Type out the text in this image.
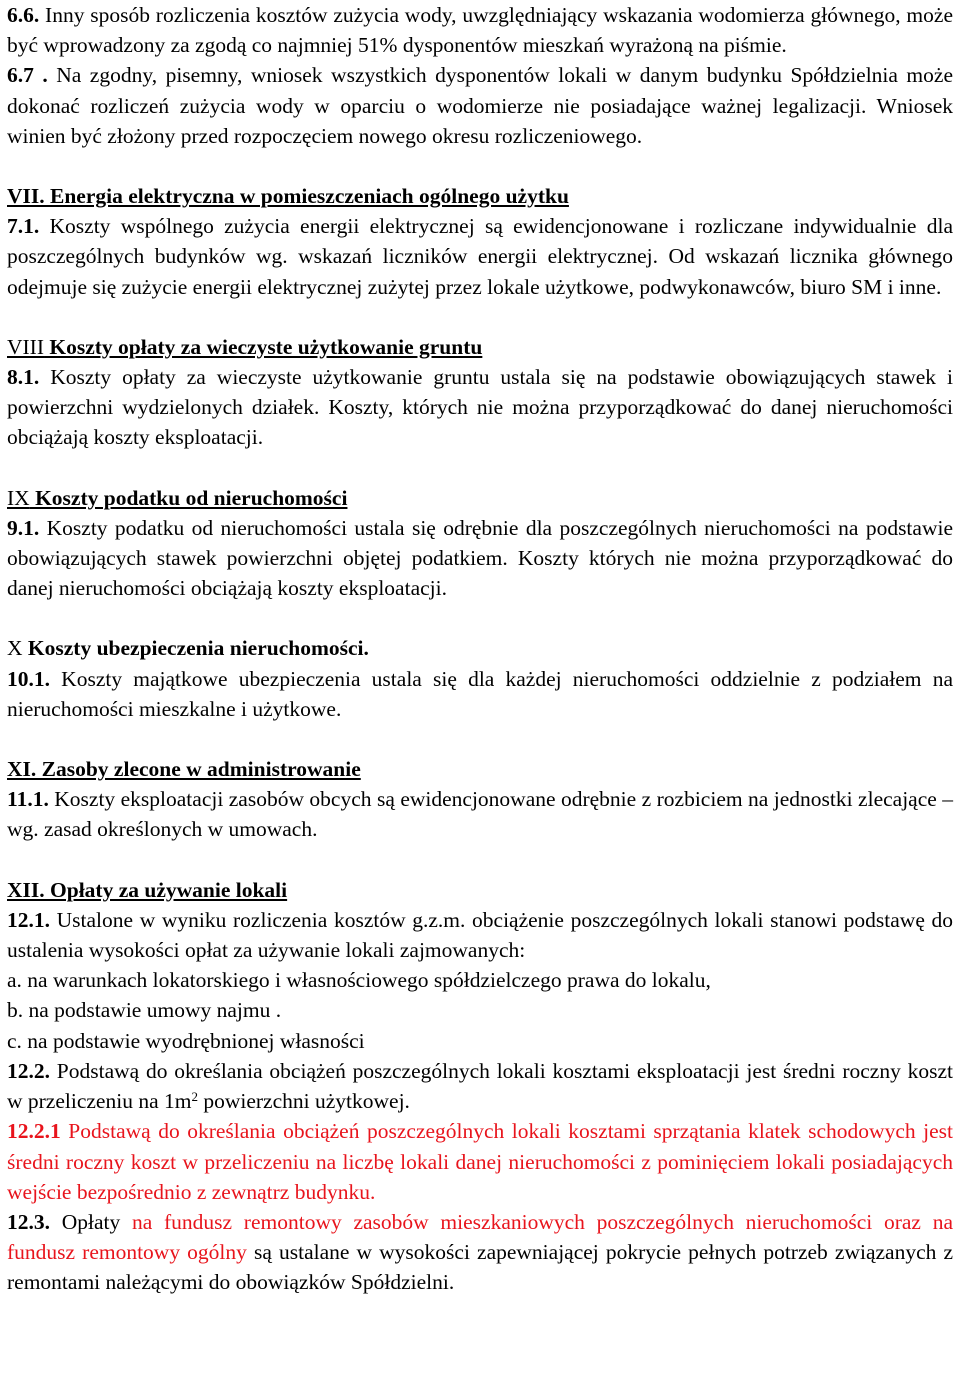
6.6. Inny sposób rozliczenia kosztów zużycia wody, uwzględniający wskazania wodomierza głównego, może być wprowadzony za zgodą co najmniej 51% dysponentów mieszkań wyrażoną na piśmie.

6.7 . Na zgodny, pisemny, wniosek wszystkich dysponentów lokali w danym budynku Spółdzielnia może dokonać rozliczeń zużycia wody w oparciu o wodomierze nie posiadające ważnej legalizacji. Wniosek winien być złożony przed rozpoczęciem nowego okresu rozliczeniowego.

VII. Energia elektryczna w pomieszczeniach ogólnego użytku

7.1. Koszty wspólnego zużycia energii elektrycznej są ewidencjonowane i rozliczane indywidualnie dla poszczególnych budynków wg. wskazań liczników energii elektrycznej. Od wskazań licznika głównego odejmuje się zużycie energii elektrycznej zużytej przez lokale użytkowe, podwykonawców, biuro SM i inne.

VIII Koszty opłaty za wieczyste użytkowanie gruntu

8.1. Koszty opłaty za wieczyste użytkowanie gruntu ustala się na podstawie obowiązujących stawek i powierzchni wydzielonych działek. Koszty, których nie można przyporządkować do danej nieruchomości obciążają koszty eksploatacji.

IX Koszty podatku od nieruchomości

9.1. Koszty podatku od nieruchomości ustala się odrębnie dla poszczególnych nieruchomości na podstawie obowiązujących stawek powierzchni objętej podatkiem. Koszty których nie można przyporządkować do danej nieruchomości obciążają koszty eksploatacji.

X Koszty ubezpieczenia nieruchomości.

10.1. Koszty majątkowe ubezpieczenia ustala się dla każdej nieruchomości oddzielnie z podziałem na nieruchomości mieszkalne i użytkowe.

XI. Zasoby zlecone w administrowanie

11.1. Koszty eksploatacji zasobów obcych są ewidencjonowane odrębnie z rozbiciem na jednostki zlecające – wg. zasad określonych w umowach.

XII. Opłaty za używanie lokali

12.1. Ustalone w wyniku rozliczenia kosztów g.z.m. obciążenie poszczególnych lokali stanowi podstawę do ustalenia wysokości opłat za używanie lokali zajmowanych:

a. na warunkach lokatorskiego i własnościowego spółdzielczego prawa do lokalu,

b. na podstawie umowy najmu .

c. na podstawie wyodrębnionej własności

12.2. Podstawą do określania obciążeń poszczególnych lokali kosztami eksploatacji jest średni roczny koszt w przeliczeniu na $1m^2$ powierzchni użytkowej.

12.2.1 Podstawą do określania obciążeń poszczególnych lokali kosztami sprzątania klatek schodowych jest średni roczny koszt w przeliczeniu na liczbę lokali danej nieruchomości z pominięciem lokali posiadających wejście bezpośrednio z zewnątrz budynku.

12.3. Opłaty na fundusz remontowy zasobów mieszkaniowych poszczególnych nieruchomości oraz na fundusz remontowy ogólny są ustalane w wysokości zapewniającej pokrycie pełnych potrzeb związanych z remontami należącymi do obowiązków Spółdzielni.
